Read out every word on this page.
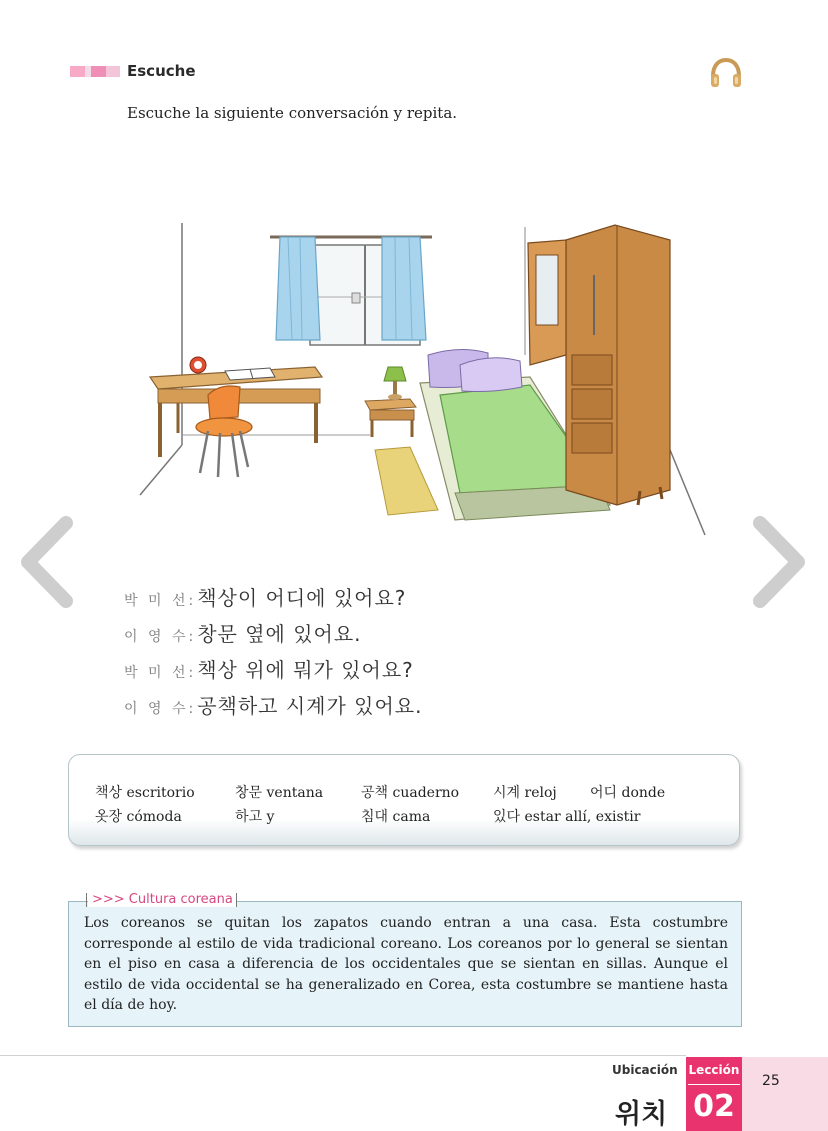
Escuche
Escuche la siguiente conversación y repita.
박 미 선 : 책상이 어디에 있어요?
이 영 수 : 창문 옆에 있어요.
박 미 선 : 책상 위에 뭐가 있어요?
이 영 수 : 공책하고 시계가 있어요.
책상 escritorio	창문 ventana	공책 cuaderno 시계 reloj 어디 donde
옷장 cómoda	하고 y	침대 cama	있다 estar allí, existir
>>> Cultura coreana
Los coreanos se quitan los zapatos cuando entran a una casa. Esta costumbre corresponde al estilo de vida tradicional coreano. Los coreanos por lo general se sientan en el piso en casa a diferencia de los occidentales que se sientan en sillas. Aunque el estilo de vida occidental se ha generalizado en Corea, esta costumbre se mantiene hasta el día de hoy.
Ubicación
위치
Lección
02
25
